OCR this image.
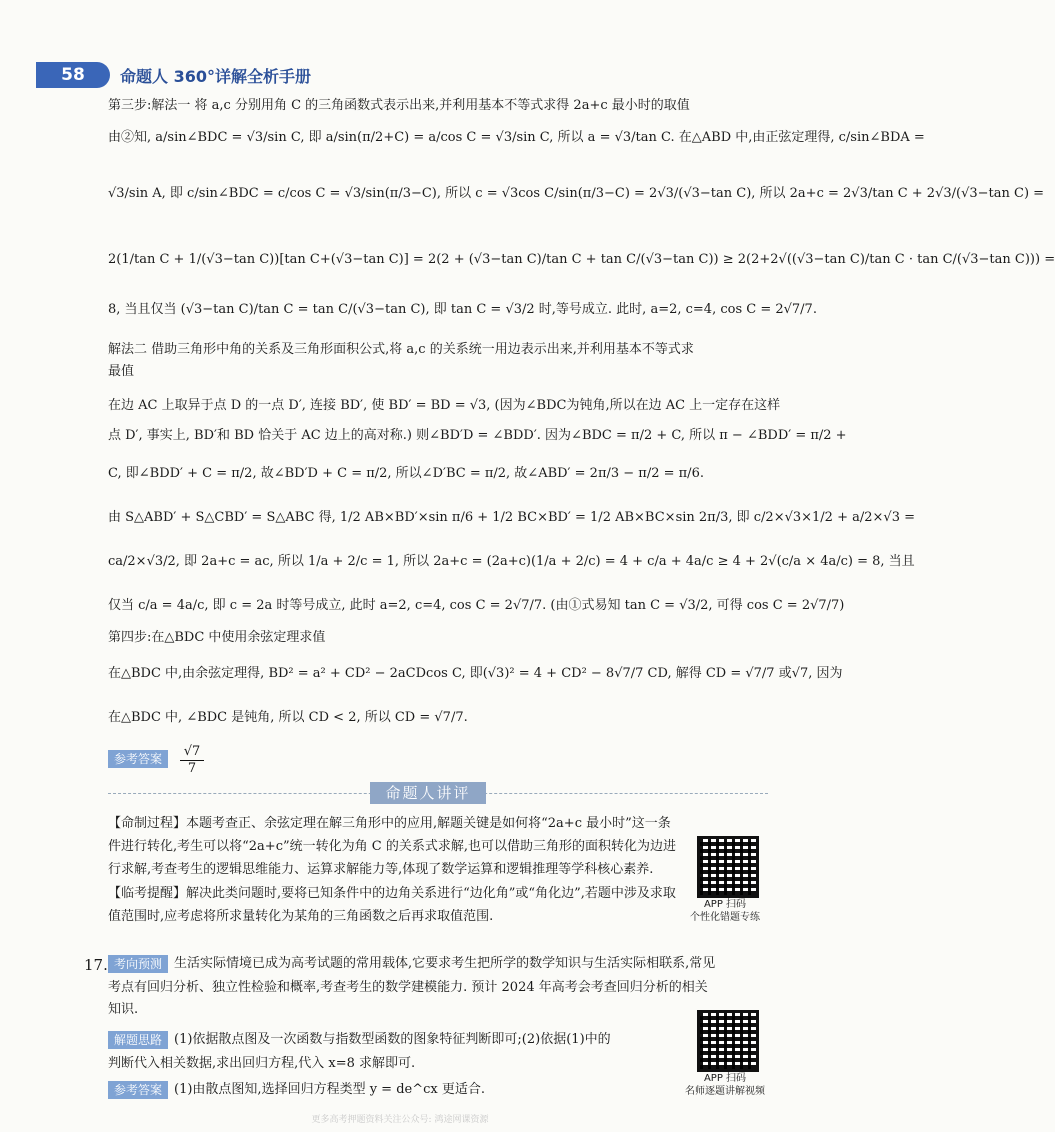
58	命题人 360°详解全析手册
第三步:解法一 将 a,c 分别用角 C 的三角函数式表示出来,并利用基本不等式求得 2a+c 最小时的取值
由②知, a/sin∠BDC = √3/sin C, 即 a/sin(π/2+C) = a/cos C = √3/sin C, 所以 a = √3/tan C. 在△ABD 中,由正弦定理得, c/sin∠BDA =
√3/sin A, 即 c/sin∠BDC = c/cos C = √3/sin(π/3−C), 所以 c = √3cos C/sin(π/3−C) = 2√3/(√3−tan C), 所以 2a+c = 2√3/tan C + 2√3/(√3−tan C) =
2(1/tan C + 1/(√3−tan C))[tan C+(√3−tan C)] = 2(2 + (√3−tan C)/tan C + tan C/(√3−tan C)) ≥ 2(2+2√((√3−tan C)/tan C · tan C/(√3−tan C))) =
8, 当且仅当 (√3−tan C)/tan C = tan C/(√3−tan C), 即 tan C = √3/2 时,等号成立. 此时, a=2, c=4, cos C = 2√7/7.
解法二 借助三角形中角的关系及三角形面积公式,将 a,c 的关系统一用边表示出来,并利用基本不等式求
最值
在边 AC 上取异于点 D 的一点 D′, 连接 BD′, 使 BD′ = BD = √3, (因为∠BDC为钝角,所以在边 AC 上一定存在这样
点 D′, 事实上, BD′和 BD 恰关于 AC 边上的高对称.) 则∠BD′D = ∠BDD′. 因为∠BDC = π/2 + C, 所以 π − ∠BDD′ = π/2 +
C, 即∠BDD′ + C = π/2, 故∠BD′D + C = π/2, 所以∠D′BC = π/2, 故∠ABD′ = 2π/3 − π/2 = π/6.
由 S△ABD′ + S△CBD′ = S△ABC 得, 1/2 AB×BD′×sin π/6 + 1/2 BC×BD′ = 1/2 AB×BC×sin 2π/3, 即 c/2×√3×1/2 + a/2×√3 =
ca/2×√3/2, 即 2a+c = ac, 所以 1/a + 2/c = 1, 所以 2a+c = (2a+c)(1/a + 2/c) = 4 + c/a + 4a/c ≥ 4 + 2√(c/a × 4a/c) = 8, 当且
仅当 c/a = 4a/c, 即 c = 2a 时等号成立, 此时 a=2, c=4, cos C = 2√7/7. (由①式易知 tan C = √3/2, 可得 cos C = 2√7/7)
第四步:在△BDC 中使用余弦定理求值
在△BDC 中,由余弦定理得, BD² = a² + CD² − 2aCDcos C, 即(√3)² = 4 + CD² − 8√7/7 CD, 解得 CD = √7/7 或√7, 因为
在△BDC 中, ∠BDC 是钝角, 所以 CD < 2, 所以 CD = √7/7.
参考答案	$\frac{√7}{7}$
命题人讲评
【命制过程】本题考查正、余弦定理在解三角形中的应用,解题关键是如何将“2a+c 最小时”这一条件进行转化,考生可以将“2a+c”统一转化为角 C 的关系式求解,也可以借助三角形的面积转化为边进行求解,考查考生的逻辑思维能力、运算求解能力等,体现了数学运算和逻辑推理等学科核心素养.
【临考提醒】解决此类问题时,要将已知条件中的边角关系进行“边化角”或“角化边”,若题中涉及求取值范围时,应考虑将所求量转化为某角的三角函数之后再求取值范围.
APP 扫码
个性化错题专练
17. 考向预测 生活实际情境已成为高考试题的常用载体,它要求考生把所学的数学知识与生活实际相联系,常见
考点有回归分析、独立性检验和概率,考查考生的数学建模能力. 预计 2024 年高考会考查回归分析的相关
知识.
解题思路 (1)依据散点图及一次函数与指数型函数的图象特征判断即可;(2)依据(1)中的
判断代入相关数据,求出回归方程,代入 x=8 求解即可.
参考答案 (1)由散点图知,选择回归方程类型 y = de^cx 更适合.
APP 扫码
名师逐题讲解视频
更多高考押题资料关注公众号: 鸿途网课资源
